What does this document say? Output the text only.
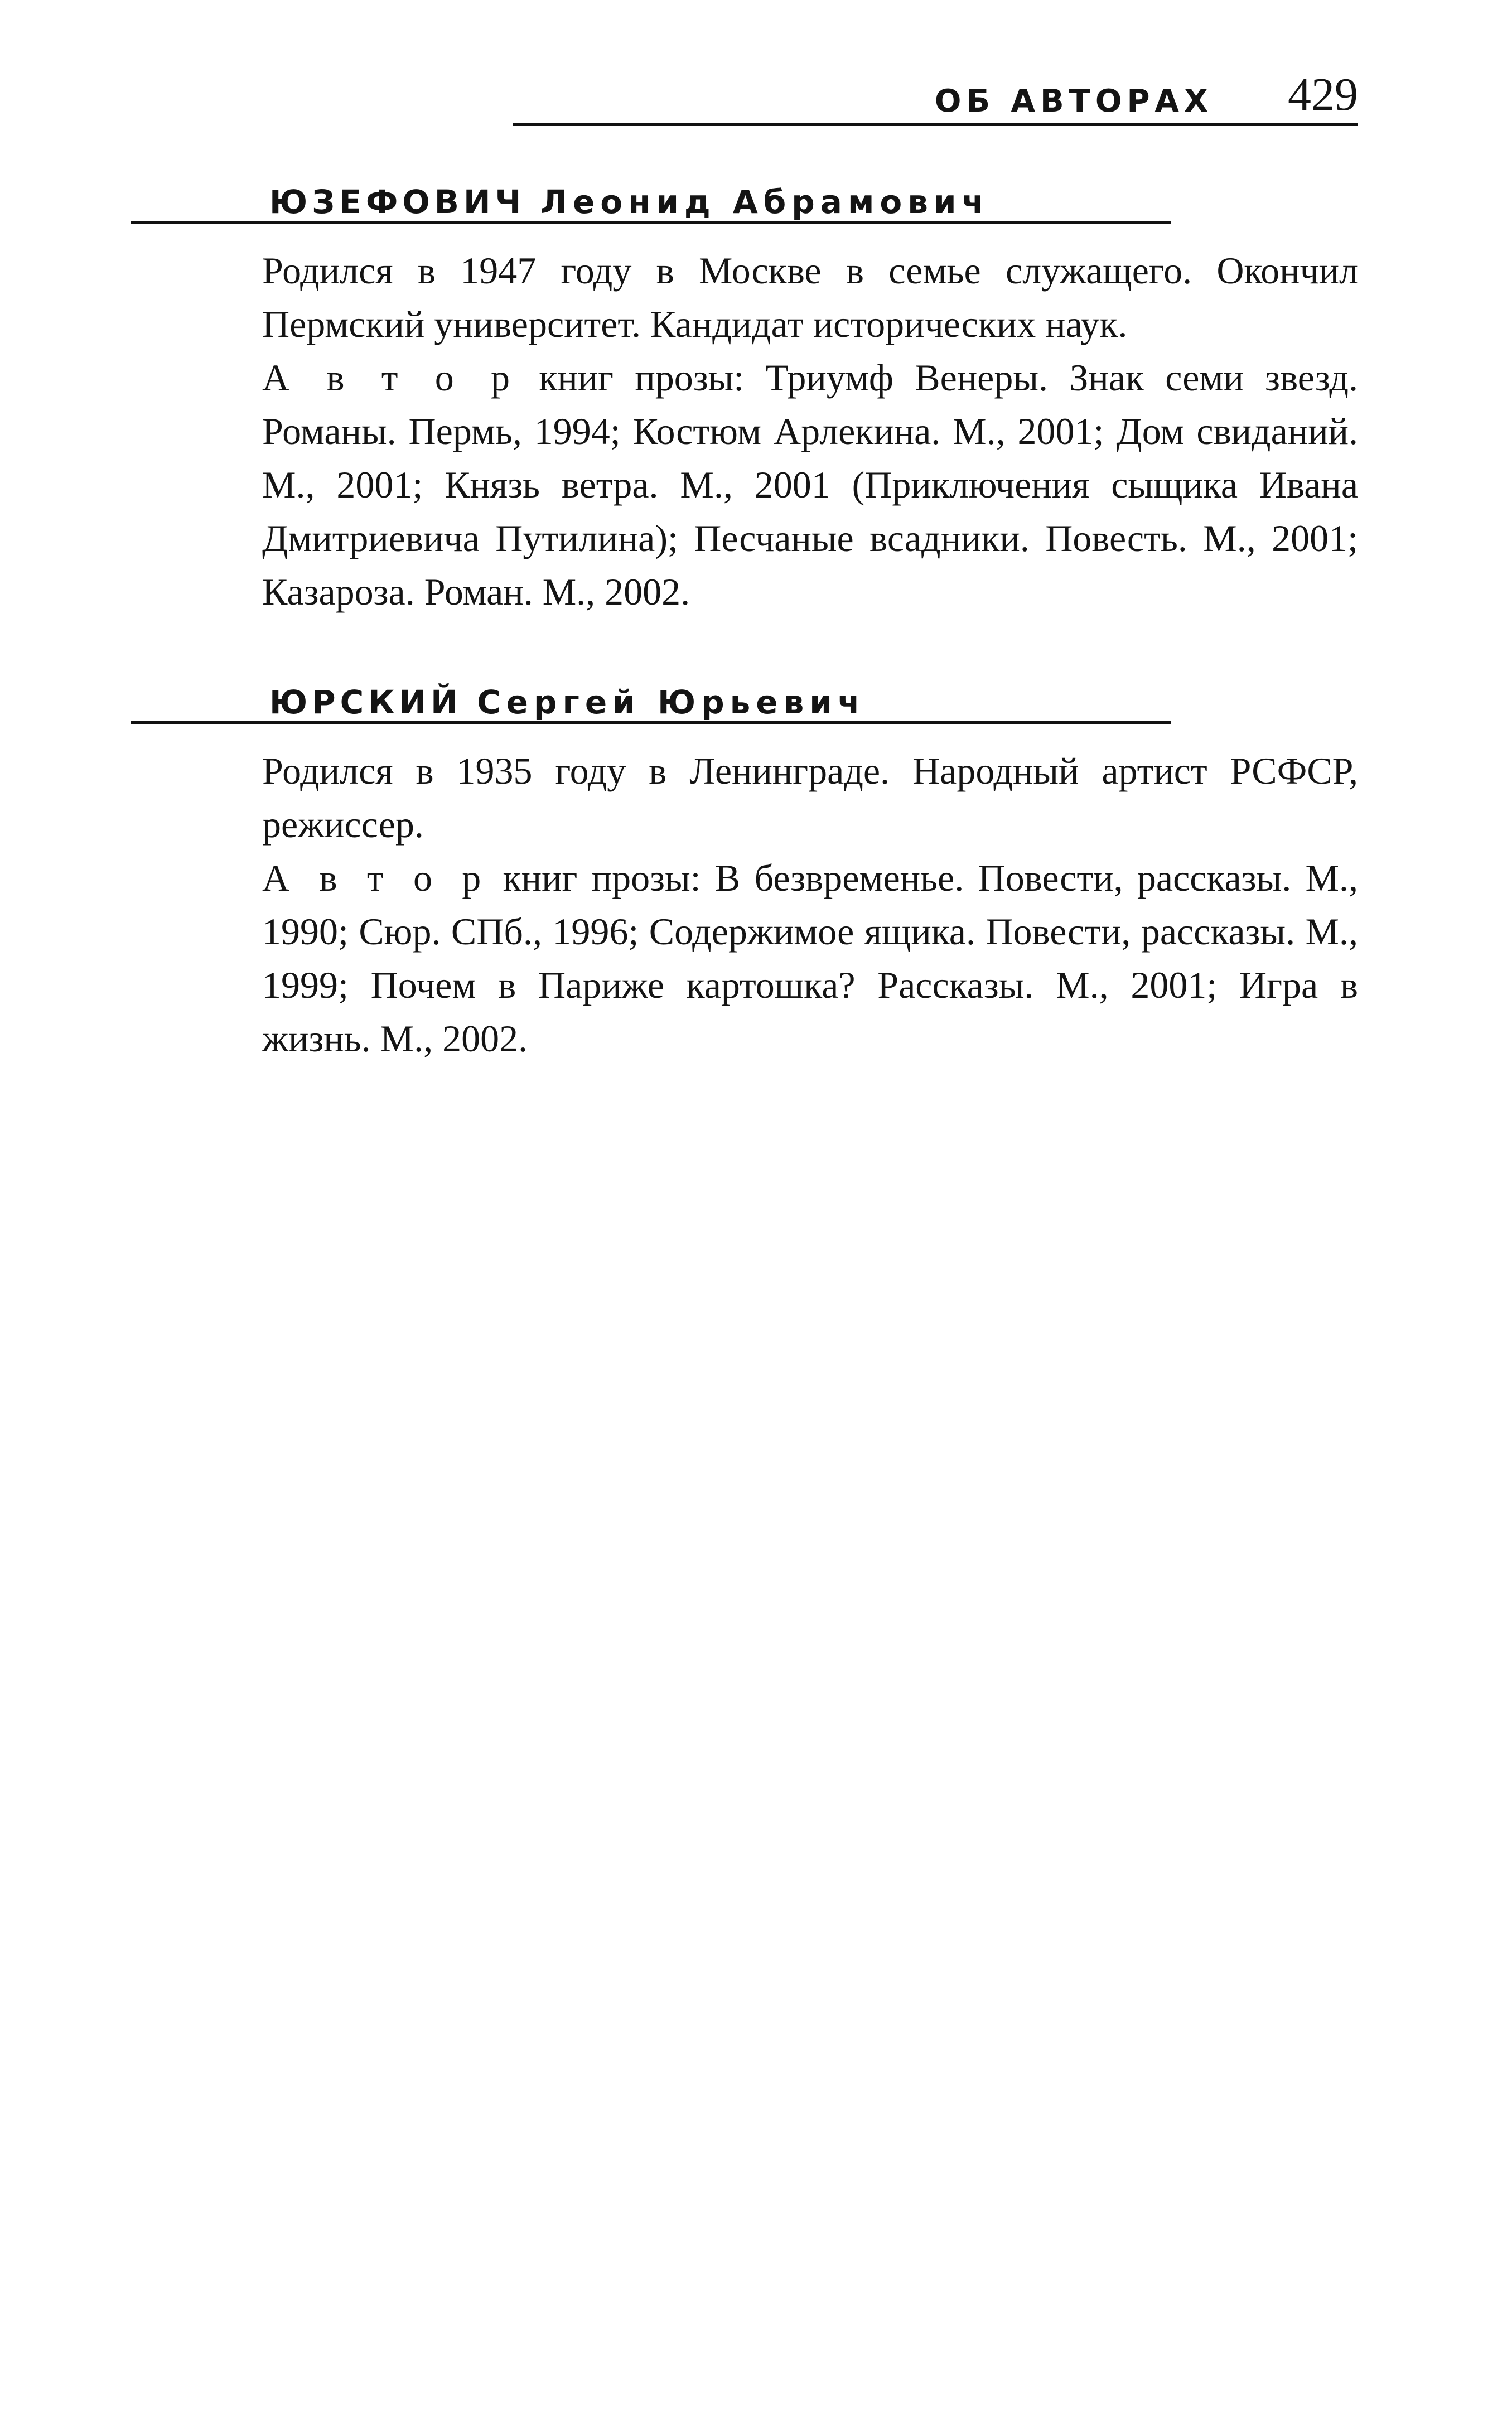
ОБ АВТОРАХ 429
ЮЗЕФОВИЧ Леонид Абрамович

Родился в 1947 году в Москве в семье служащего. Окончил Пермский университет. Кандидат исторических наук.

А в т о р книг прозы: Триумф Венеры. Знак семи звезд. Романы. Пермь, 1994; Костюм Арлекина. М., 2001; Дом свиданий. М., 2001; Князь ветра. М., 2001 (Приключения сыщика Ивана Дмитриевича Путилина); Песчаные всадники. Повесть. М., 2001; Казароза. Роман. М., 2002.

ЮРСКИЙ Сергей Юрьевич

Родился в 1935 году в Ленинграде. Народный артист РСФСР, режиссер.

А в т о р книг прозы: В безвременье. Повести, рассказы. М., 1990; Сюр. СПб., 1996; Содержимое ящика. Повести, рассказы. М., 1999; Почем в Париже картошка? Рассказы. М., 2001; Игра в жизнь. М., 2002.
